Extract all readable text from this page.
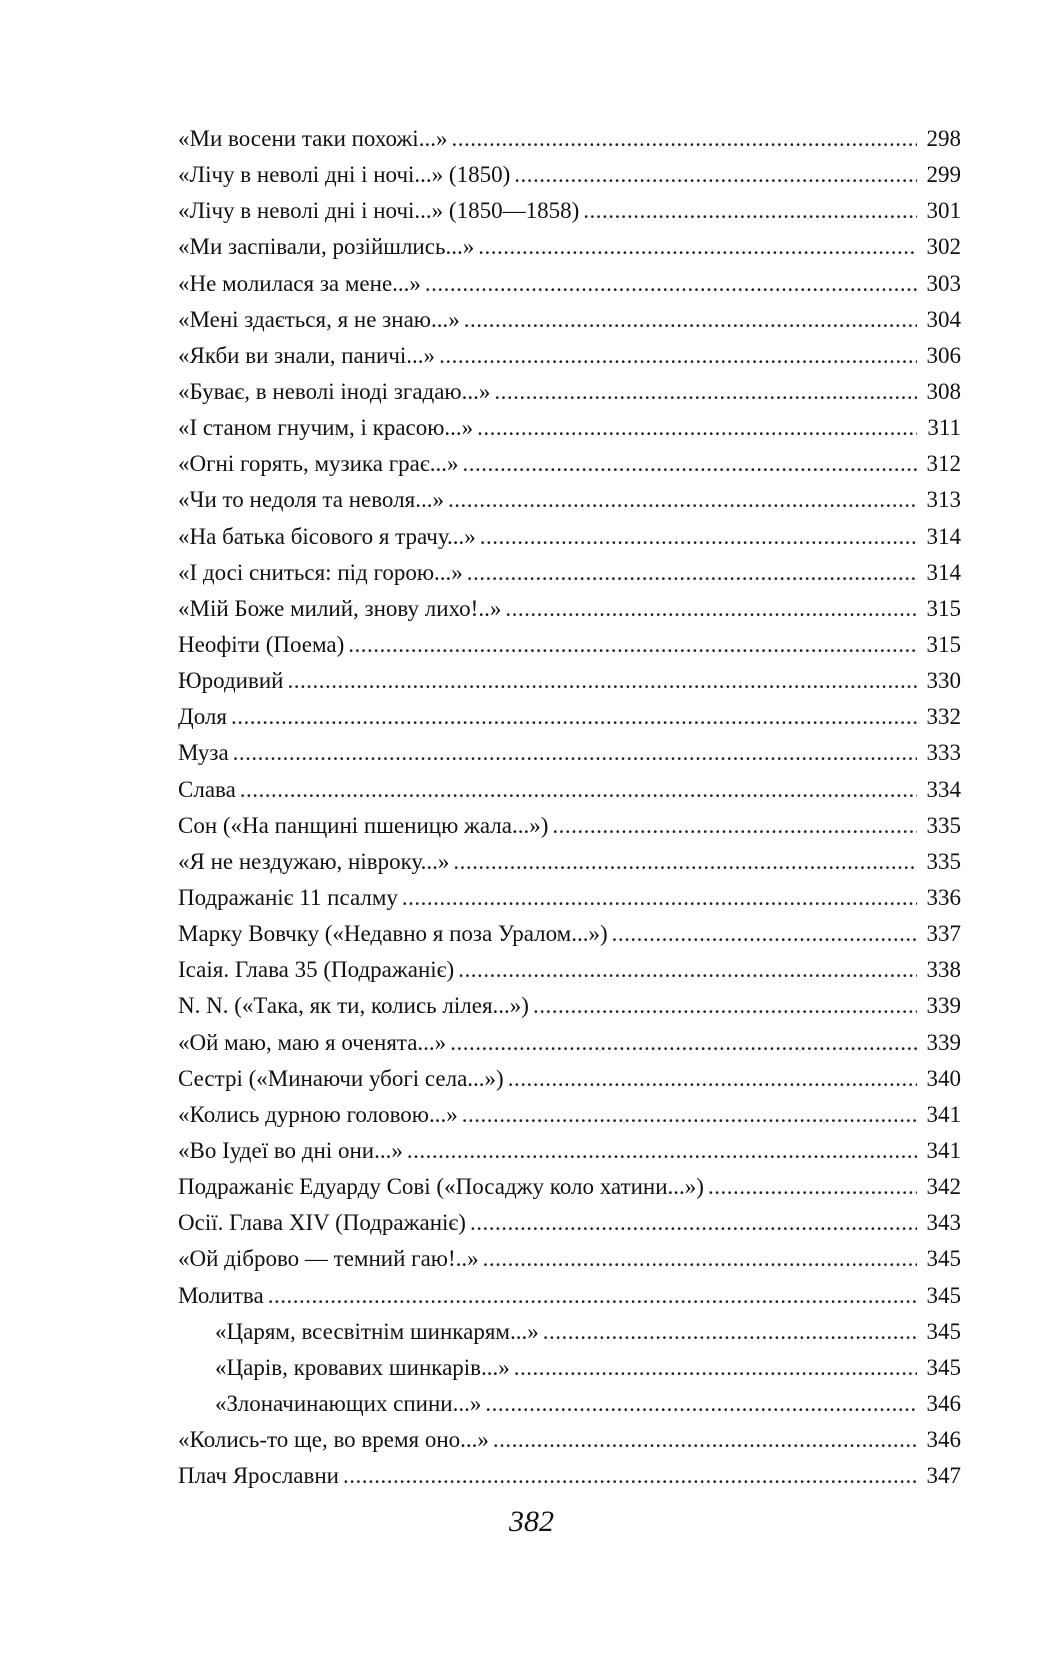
«Ми восени таки похожі...» .....	298
«Лічу в неволі дні і ночі...» (1850) .....	299
«Лічу в неволі дні і ночі...» (1850—1858) .....	301
«Ми заспівали, розійшлись...» .....	302
«Не молилася за мене...» .....	303
«Мені здається, я не знаю...» .....	304
«Якби ви знали, паничі...» .....	306
«Буває, в неволі іноді згадаю...» .....	308
«І станом гнучим, і красою...» .....	311
«Огні горять, музика грає...» .....	312
«Чи то недоля та неволя...» .....	313
«На батька бісового я трачу...» .....	314
«І досі сниться: під горою...» .....	314
«Мій Боже милий, знову лихо!..» .....	315
Неофіти (Поема) .....	315
Юродивий .....	330
Доля .....	332
Муза .....	333
Слава .....	334
Сон («На панщині пшеницю жала...») .....	335
«Я не нездужаю, нівроку...» .....	335
Подражаніє 11 псалму .....	336
Марку Вовчку («Недавно я поза Уралом...») .....	337
Ісаія. Глава 35 (Подражаніє) .....	338
N. N. («Така, як ти, колись лілея...») .....	339
«Ой маю, маю я оченята...» .....	339
Сестрі («Минаючи убогі села...») .....	340
«Колись дурною головою...» .....	341
«Во Іудеї во дні они...» .....	341
Подражаніє Едуарду Сові («Посаджу коло хатини...») .....	342
Осії. Глава XIV (Подражаніє) .....	343
«Ой діброво — темний гаю!..» .....	345
Молитва .....	345
«Царям, всесвітнім шинкарям...» .....	345
«Царів, кровавих шинкарів...» .....	345
«Злоначинающих спини...» .....	346
«Колись-то ще, во время оно...» .....	346
Плач Ярославни .....	347
382
